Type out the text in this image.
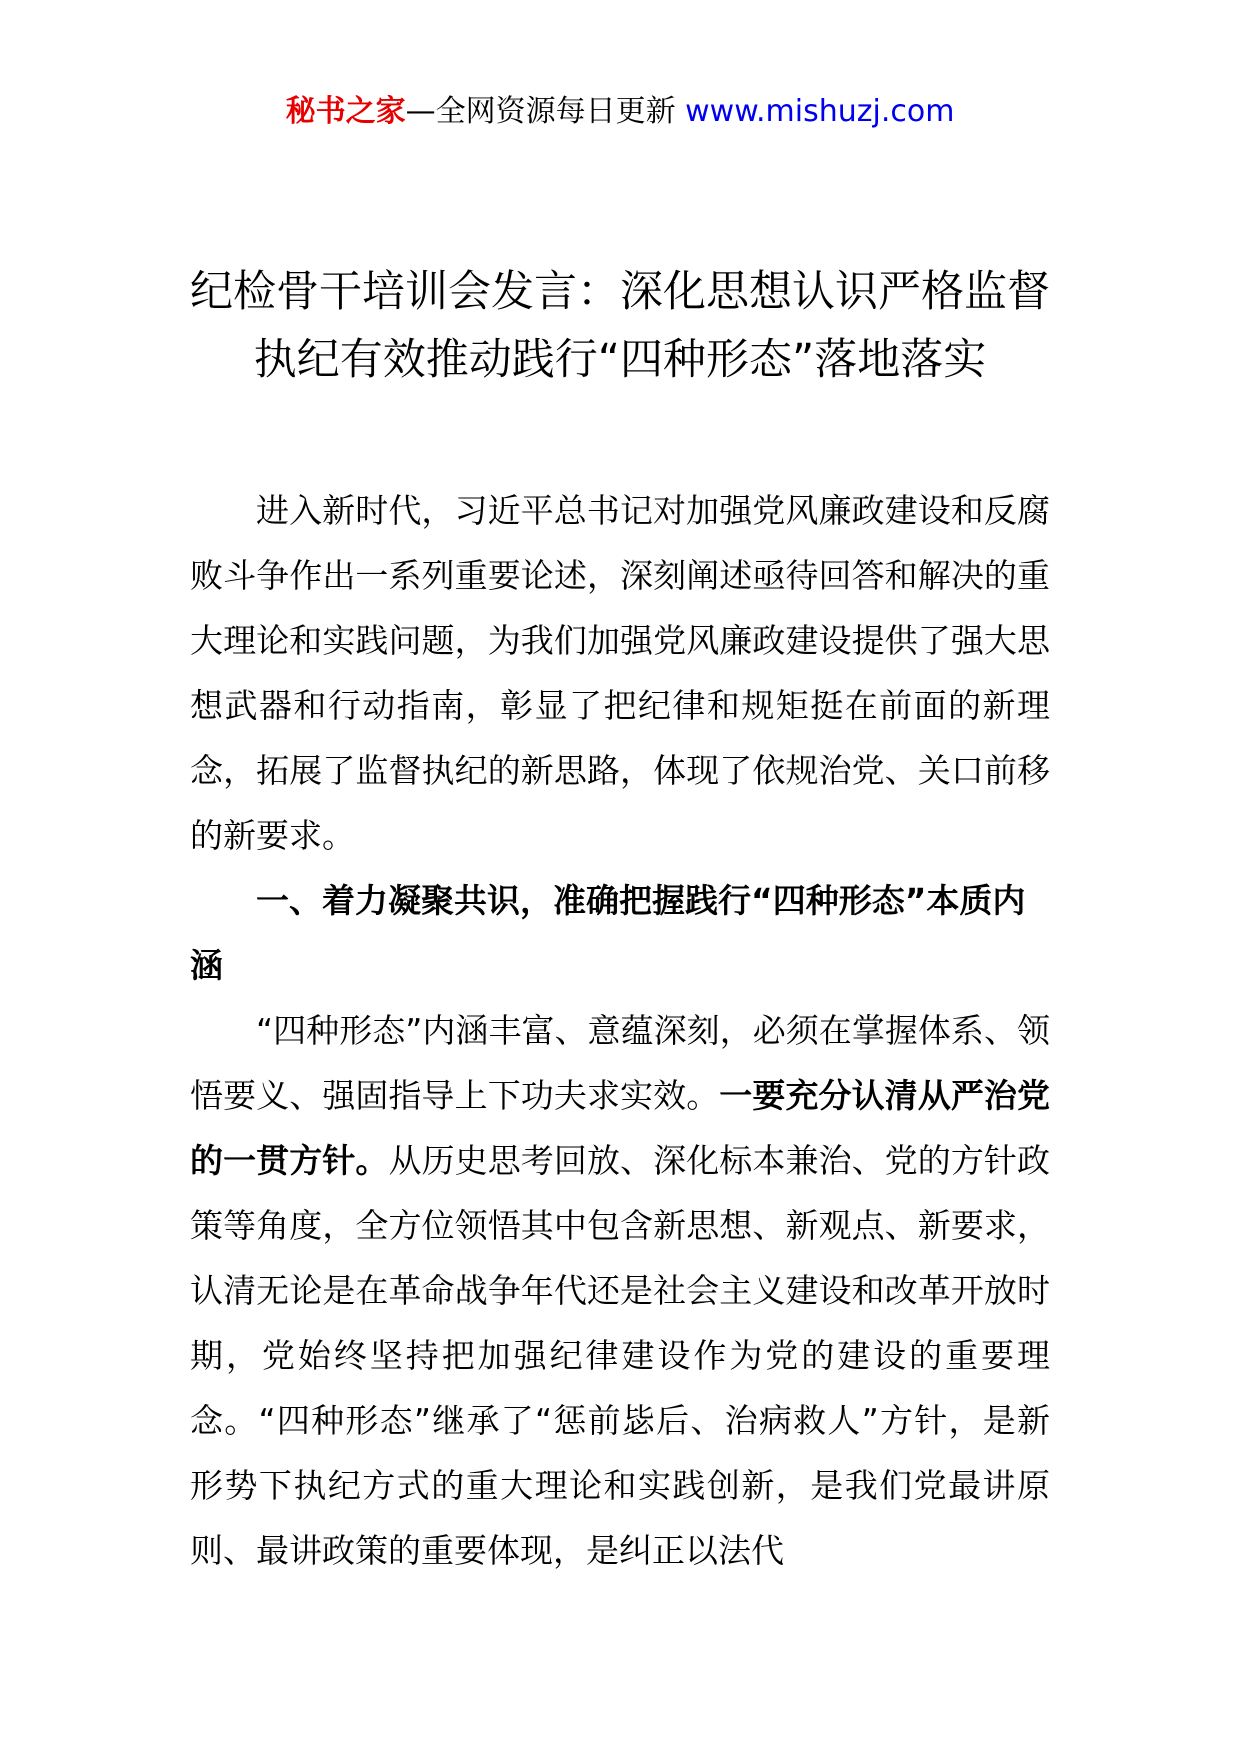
秘书之家—全网资源每日更新 www.mishuzj.com
纪检骨干培训会发言：深化思想认识严格监督执纪有效推动践行“四种形态”落地落实

进入新时代，习近平总书记对加强党风廉政建设和反腐败斗争作出一系列重要论述，深刻阐述亟待回答和解决的重大理论和实践问题，为我们加强党风廉政建设提供了强大思想武器和行动指南，彰显了把纪律和规矩挺在前面的新理念，拓展了监督执纪的新思路，体现了依规治党、关口前移的新要求。

一、着力凝聚共识，准确把握践行“四种形态”本质内涵

“四种形态”内涵丰富、意蕴深刻，必须在掌握体系、领悟要义、强固指导上下功夫求实效。一要充分认清从严治党的一贯方针。从历史思考回放、深化标本兼治、党的方针政策等角度，全方位领悟其中包含新思想、新观点、新要求，认清无论是在革命战争年代还是社会主义建设和改革开放时期，党始终坚持把加强纪律建设作为党的建设的重要理念。“四种形态”继承了“惩前毖后、治病救人”方针，是新形势下执纪方式的重大理论和实践创新，是我们党最讲原则、最讲政策的重要体现，是纠正以法代
